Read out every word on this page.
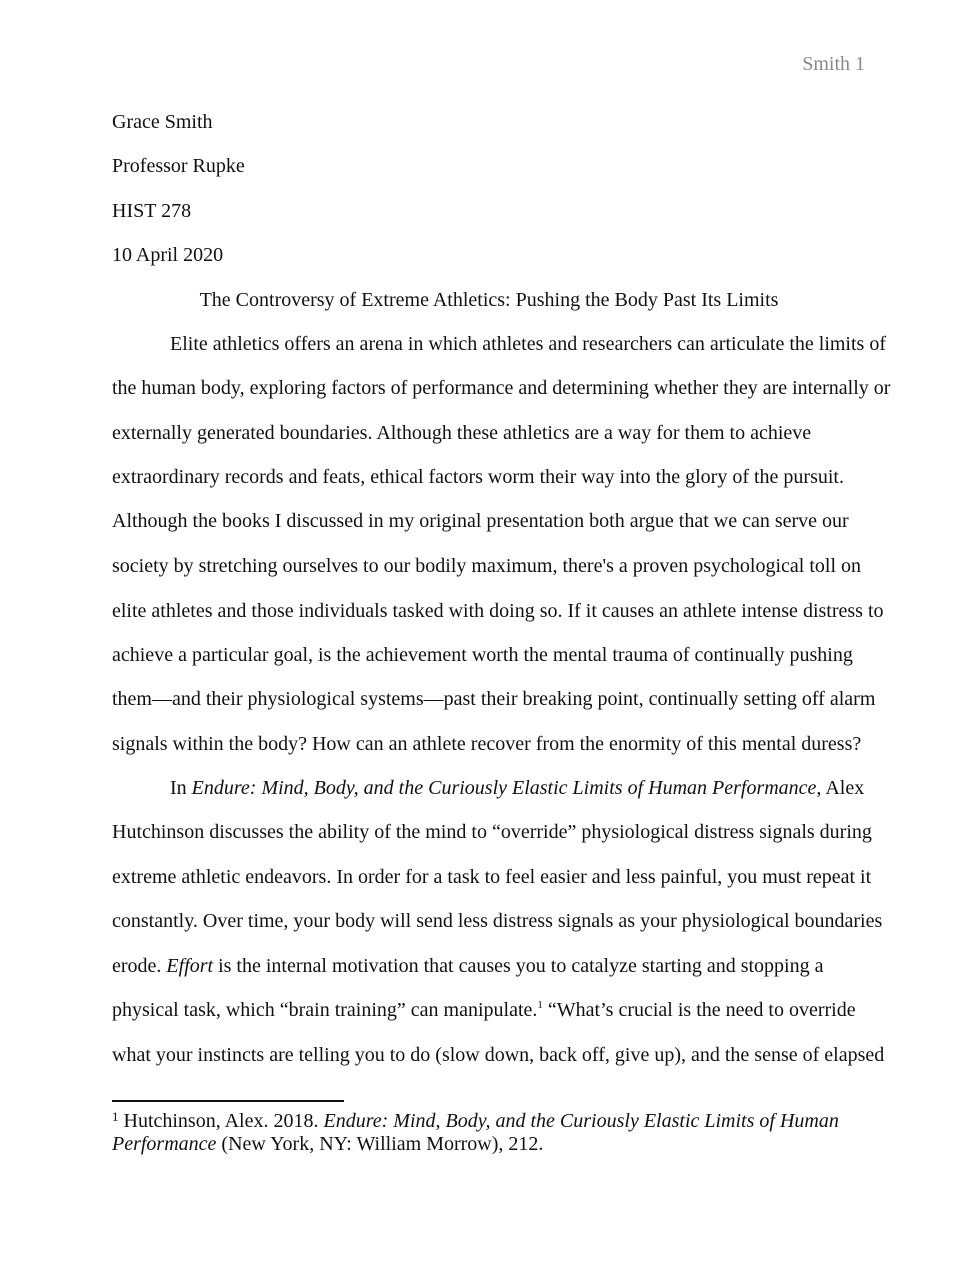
Smith 1
Grace Smith
Professor Rupke
HIST 278
10 April 2020
The Controversy of Extreme Athletics: Pushing the Body Past Its Limits
Elite athletics offers an arena in which athletes and researchers can articulate the limits of
the human body, exploring factors of performance and determining whether they are internally or
externally generated boundaries. Although these athletics are a way for them to achieve
extraordinary records and feats, ethical factors worm their way into the glory of the pursuit.
Although the books I discussed in my original presentation both argue that we can serve our
society by stretching ourselves to our bodily maximum, there's a proven psychological toll on
elite athletes and those individuals tasked with doing so. If it causes an athlete intense distress to
achieve a particular goal, is the achievement worth the mental trauma of continually pushing
them—and their physiological systems—past their breaking point, continually setting off alarm
signals within the body? How can an athlete recover from the enormity of this mental duress?
In Endure: Mind, Body, and the Curiously Elastic Limits of Human Performance, Alex
Hutchinson discusses the ability of the mind to “override” physiological distress signals during
extreme athletic endeavors. In order for a task to feel easier and less painful, you must repeat it
constantly. Over time, your body will send less distress signals as your physiological boundaries
erode. Effort is the internal motivation that causes you to catalyze starting and stopping a
physical task, which “brain training” can manipulate.$^1$ “What’s crucial is the need to override
what your instincts are telling you to do (slow down, back off, give up), and the sense of elapsed
$^1$ Hutchinson, Alex. 2018. Endure: Mind, Body, and the Curiously Elastic Limits of Human
Performance (New York, NY: William Morrow), 212.
